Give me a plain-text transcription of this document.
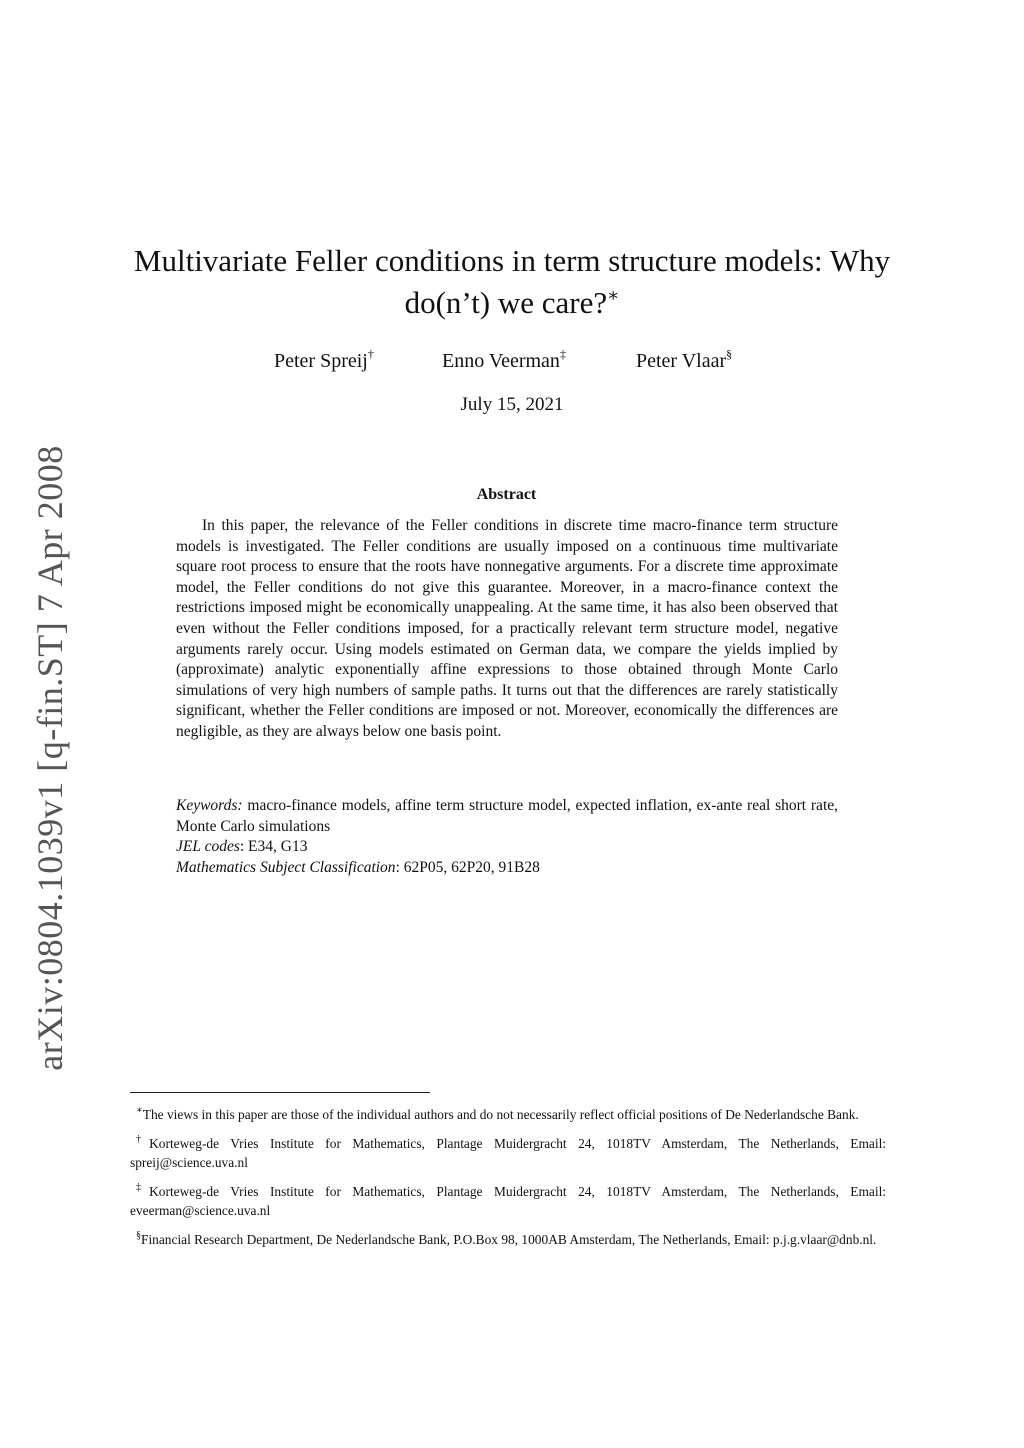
arXiv:0804.1039v1 [q-fin.ST] 7 Apr 2008
Multivariate Feller conditions in term structure models: Why do(n’t) we care?∗
Peter Spreij†	Enno Veerman‡	Peter Vlaar§
July 15, 2021
Abstract

In this paper, the relevance of the Feller conditions in discrete time macro-finance term structure models is investigated. The Feller conditions are usually imposed on a continuous time multivariate square root process to ensure that the roots have nonnegative arguments. For a discrete time approximate model, the Feller conditions do not give this guarantee. Moreover, in a macro-finance context the restrictions imposed might be economically unappealing. At the same time, it has also been observed that even without the Feller conditions imposed, for a practically relevant term structure model, negative arguments rarely occur. Using models estimated on German data, we compare the yields implied by (approximate) analytic exponentially affine expressions to those obtained through Monte Carlo simulations of very high numbers of sample paths. It turns out that the differences are rarely statistically significant, whether the Feller conditions are imposed or not. Moreover, economically the differences are negligible, as they are always below one basis point.

Keywords: macro-finance models, affine term structure model, expected inflation, ex-ante real short rate, Monte Carlo simulations
JEL codes: E34, G13
Mathematics Subject Classification: 62P05, 62P20, 91B28

∗The views in this paper are those of the individual authors and do not necessarily reflect official positions of De Nederlandsche Bank.

†Korteweg-de Vries Institute for Mathematics, Plantage Muidergracht 24, 1018TV Amsterdam, The Netherlands, Email: spreij@science.uva.nl

‡Korteweg-de Vries Institute for Mathematics, Plantage Muidergracht 24, 1018TV Amsterdam, The Netherlands, Email: eveerman@science.uva.nl

§Financial Research Department, De Nederlandsche Bank, P.O.Box 98, 1000AB Amsterdam, The Netherlands, Email: p.j.g.vlaar@dnb.nl.
